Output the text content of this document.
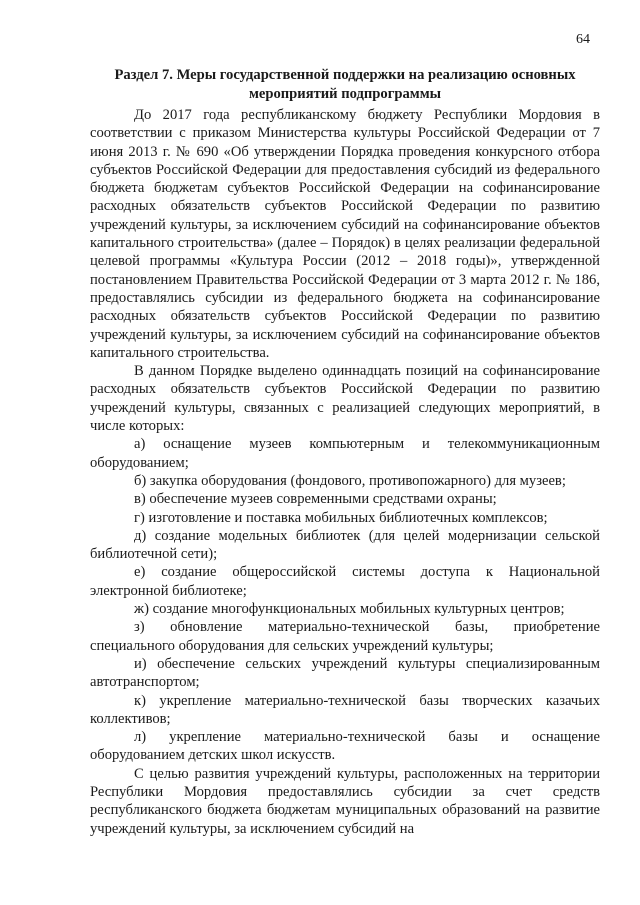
64
Раздел 7. Меры государственной поддержки на реализацию основных
мероприятий подпрограммы

До 2017 года республиканскому бюджету Республики Мордовия в соответствии с приказом Министерства культуры Российской Федерации от 7 июня 2013 г. № 690 «Об утверждении Порядка проведения конкурсного отбора субъектов Российской Федерации для предоставления субсидий из федерального бюджета бюджетам субъектов Российской Федерации на софинансирование расходных обязательств субъектов Российской Федерации по развитию учреждений культуры, за исключением субсидий на софинансирование объектов капитального строительства» (далее – Порядок) в целях реализации федеральной целевой программы «Культура России (2012 – 2018 годы)», утвержденной постановлением Правительства Российской Федерации от 3 марта 2012 г. № 186, предоставлялись субсидии из федерального бюджета на софинансирование расходных обязательств субъектов Российской Федерации по развитию учреждений культуры, за исключением субсидий на софинансирование объектов капитального строительства.

В данном Порядке выделено одиннадцать позиций на софинансирование расходных обязательств субъектов Российской Федерации по развитию учреждений культуры, связанных с реализацией следующих мероприятий, в числе которых:

а) оснащение музеев компьютерным и телекоммуникационным оборудованием;

б) закупка оборудования (фондового, противопожарного) для музеев;

в) обеспечение музеев современными средствами охраны;

г) изготовление и поставка мобильных библиотечных комплексов;

д) создание модельных библиотек (для целей модернизации сельской библиотечной сети);

е) создание общероссийской системы доступа к Национальной электронной библиотеке;

ж) создание многофункциональных мобильных культурных центров;

з) обновление материально-технической базы, приобретение специального оборудования для сельских учреждений культуры;

и) обеспечение сельских учреждений культуры специализированным автотранспортом;

к) укрепление материально-технической базы творческих казачьих коллективов;

л) укрепление материально-технической базы и оснащение оборудованием детских школ искусств.

С целью развития учреждений культуры, расположенных на территории Республики Мордовия предоставлялись субсидии за счет средств республиканского бюджета бюджетам муниципальных образований на развитие учреждений культуры, за исключением субсидий на
